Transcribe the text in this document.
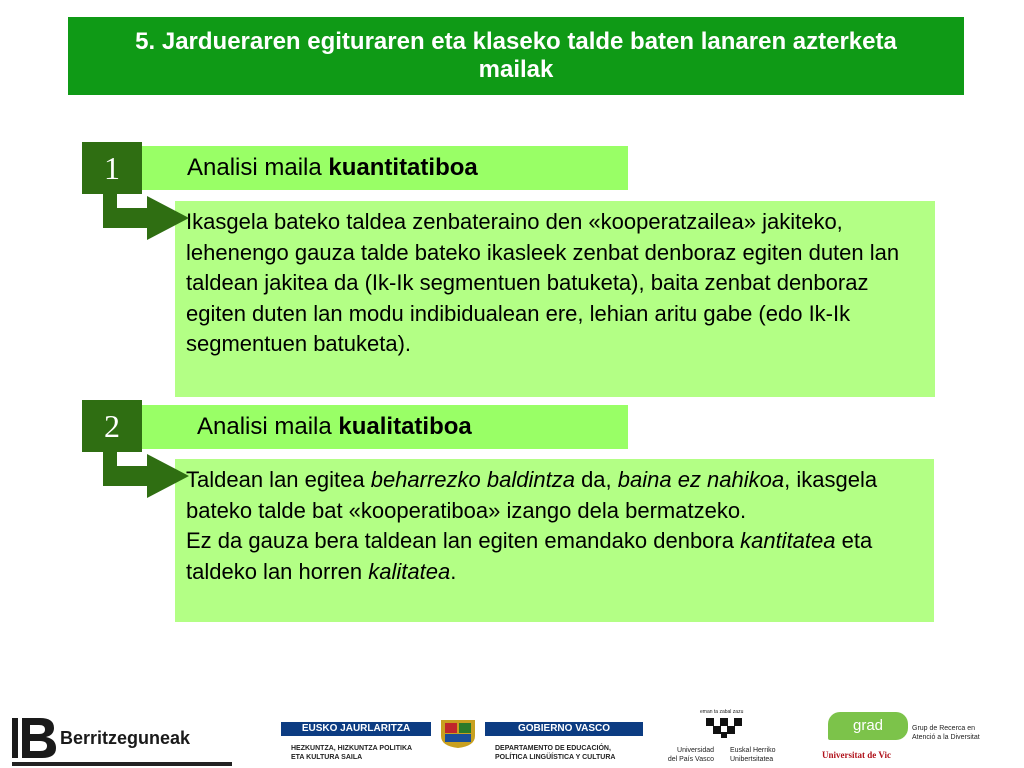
5. Jardueraren egituraren eta klaseko talde baten lanaren azterketa mailak
Analisi maila kuantitatiboa
1
Ikasgela bateko taldea zenbateraino den «kooperatzailea» jakiteko, lehenengo gauza talde bateko ikasleek zenbat denboraz egiten duten lan taldean jakitea da (Ik-Ik segmentuen batuketa), baita zenbat denboraz egiten duten lan modu indibidualean ere, lehian aritu gabe (edo Ik-Ik segmentuen batuketa).
Analisi maila kualitatiboa
2
Taldean lan egitea beharrezko baldintza da, baina ez nahikoa, ikasgela bateko talde bat «kooperatiboa» izango dela bermatzeko.
Ez da gauza bera taldean lan egiten emandako denbora kantitatea eta taldeko lan horren kalitatea.
Berritzeguneak	EUSKO JAURLARITZA	GOBIERNO VASCO
HEZKUNTZA, HIZKUNTZA POLITIKA
ETA KULTURA SAILA
DEPARTAMENTO DE EDUCACIÓN,
POLÍTICA LINGÜÍSTICA Y CULTURA
eman ta zabal zazu
Universidad
del País Vasco
Euskal Herriko
Unibertsitatea
grad	Grup de Recerca en
Atenció a la Diversitat
Universitat de Vic
